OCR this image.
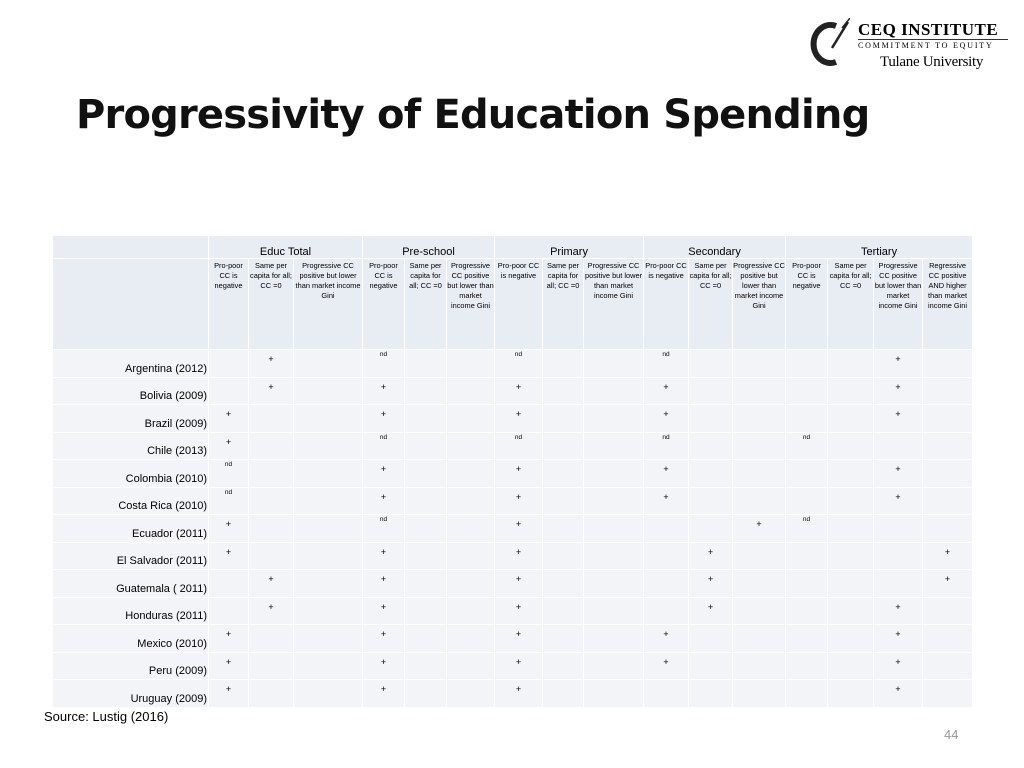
CEQ INSTITUTE
COMMITMENT TO EQUITY
Tulane University
Progressivity of Education Spending
	Educ Total			Pre-school			Primary			Secondary			Tertiary			
	Pro-poor CC is negative	Same per capita for all; CC =0	Progressive CC positive but lower than market income Gini	Pro-poor CC is negative	Same per capita for all; CC =0	Progressive CC positive but lower than market income Gini	Pro-poor CC is negative	Same per capita for all; CC =0	Progressive CC positive but lower than market income Gini	Pro-poor CC is negative	Same per capita for all; CC =0	Progressive CC positive but lower than market income Gini	Pro-poor CC is negative	Same per capita for all; CC =0	Progressive CC positive but lower than market income Gini	Regressive CC positive AND higher than market income Gini
Argentina (2012)		+		nd			nd			nd					+	

Bolivia (2009)		+		+			+			+					+	

Brazil (2009)	+			+			+			+					+	

Chile (2013)	+			nd			nd			nd			nd			

Colombia (2010)	nd			+			+			+					+	

Costa Rica (2010)	nd			+			+			+					+	

Ecuador (2011)	+			nd			+					+	nd			

El Salvador (2011)	+			+			+				+					+

Guatemala ( 2011)		+		+			+				+					+

Honduras (2011)		+		+			+				+				+	

Mexico (2010)	+			+			+			+					+	

Peru (2009)	+			+			+			+					+	

Uruguay (2009)	+			+			+								+	

Source: Lustig (2016)
44
